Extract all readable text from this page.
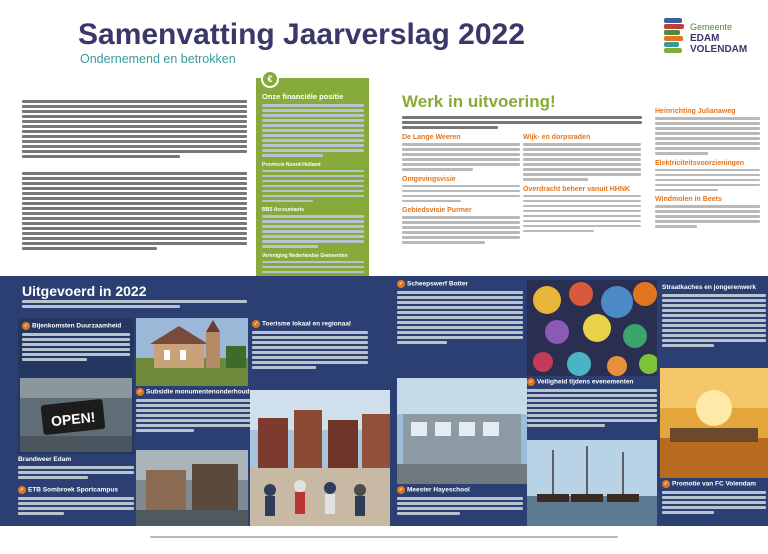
Samenvatting Jaarverslag 2022
Ondernemend en betrokken
Gemeente
EDAM
VOLENDAM
€
Onze financiële positie
Provincie Noord-Holland
BBS Accountants
Vereniging Nederlandse Gemeenten
Werk in uitvoering!
De Lange Weeren
Omgevingsvisie
Gebiedsvisie Purmer
Wijk- en dorpsraden
Overdracht beheer vanuit HHNK
Heinrichting Julianaweg
Elektriciteitsvoorzieningen
Windmolen in Beets
Uitgevoerd in 2022
✓ Bijenkomsten Duurzaamheid
OPEN!
Brandweer Edam
✓ ETB Sombroek Sportcampus
✓ Subsidie monumentenonderhoud
✓ Toerisme lokaal en regionaal
✓ Scheepswerf Botter
✓ Meester Hayeschool
✓ Veiligheid tijdens evenementen
Straatkaches en jongerenwerk
✓ Promotie van FC Volendam
